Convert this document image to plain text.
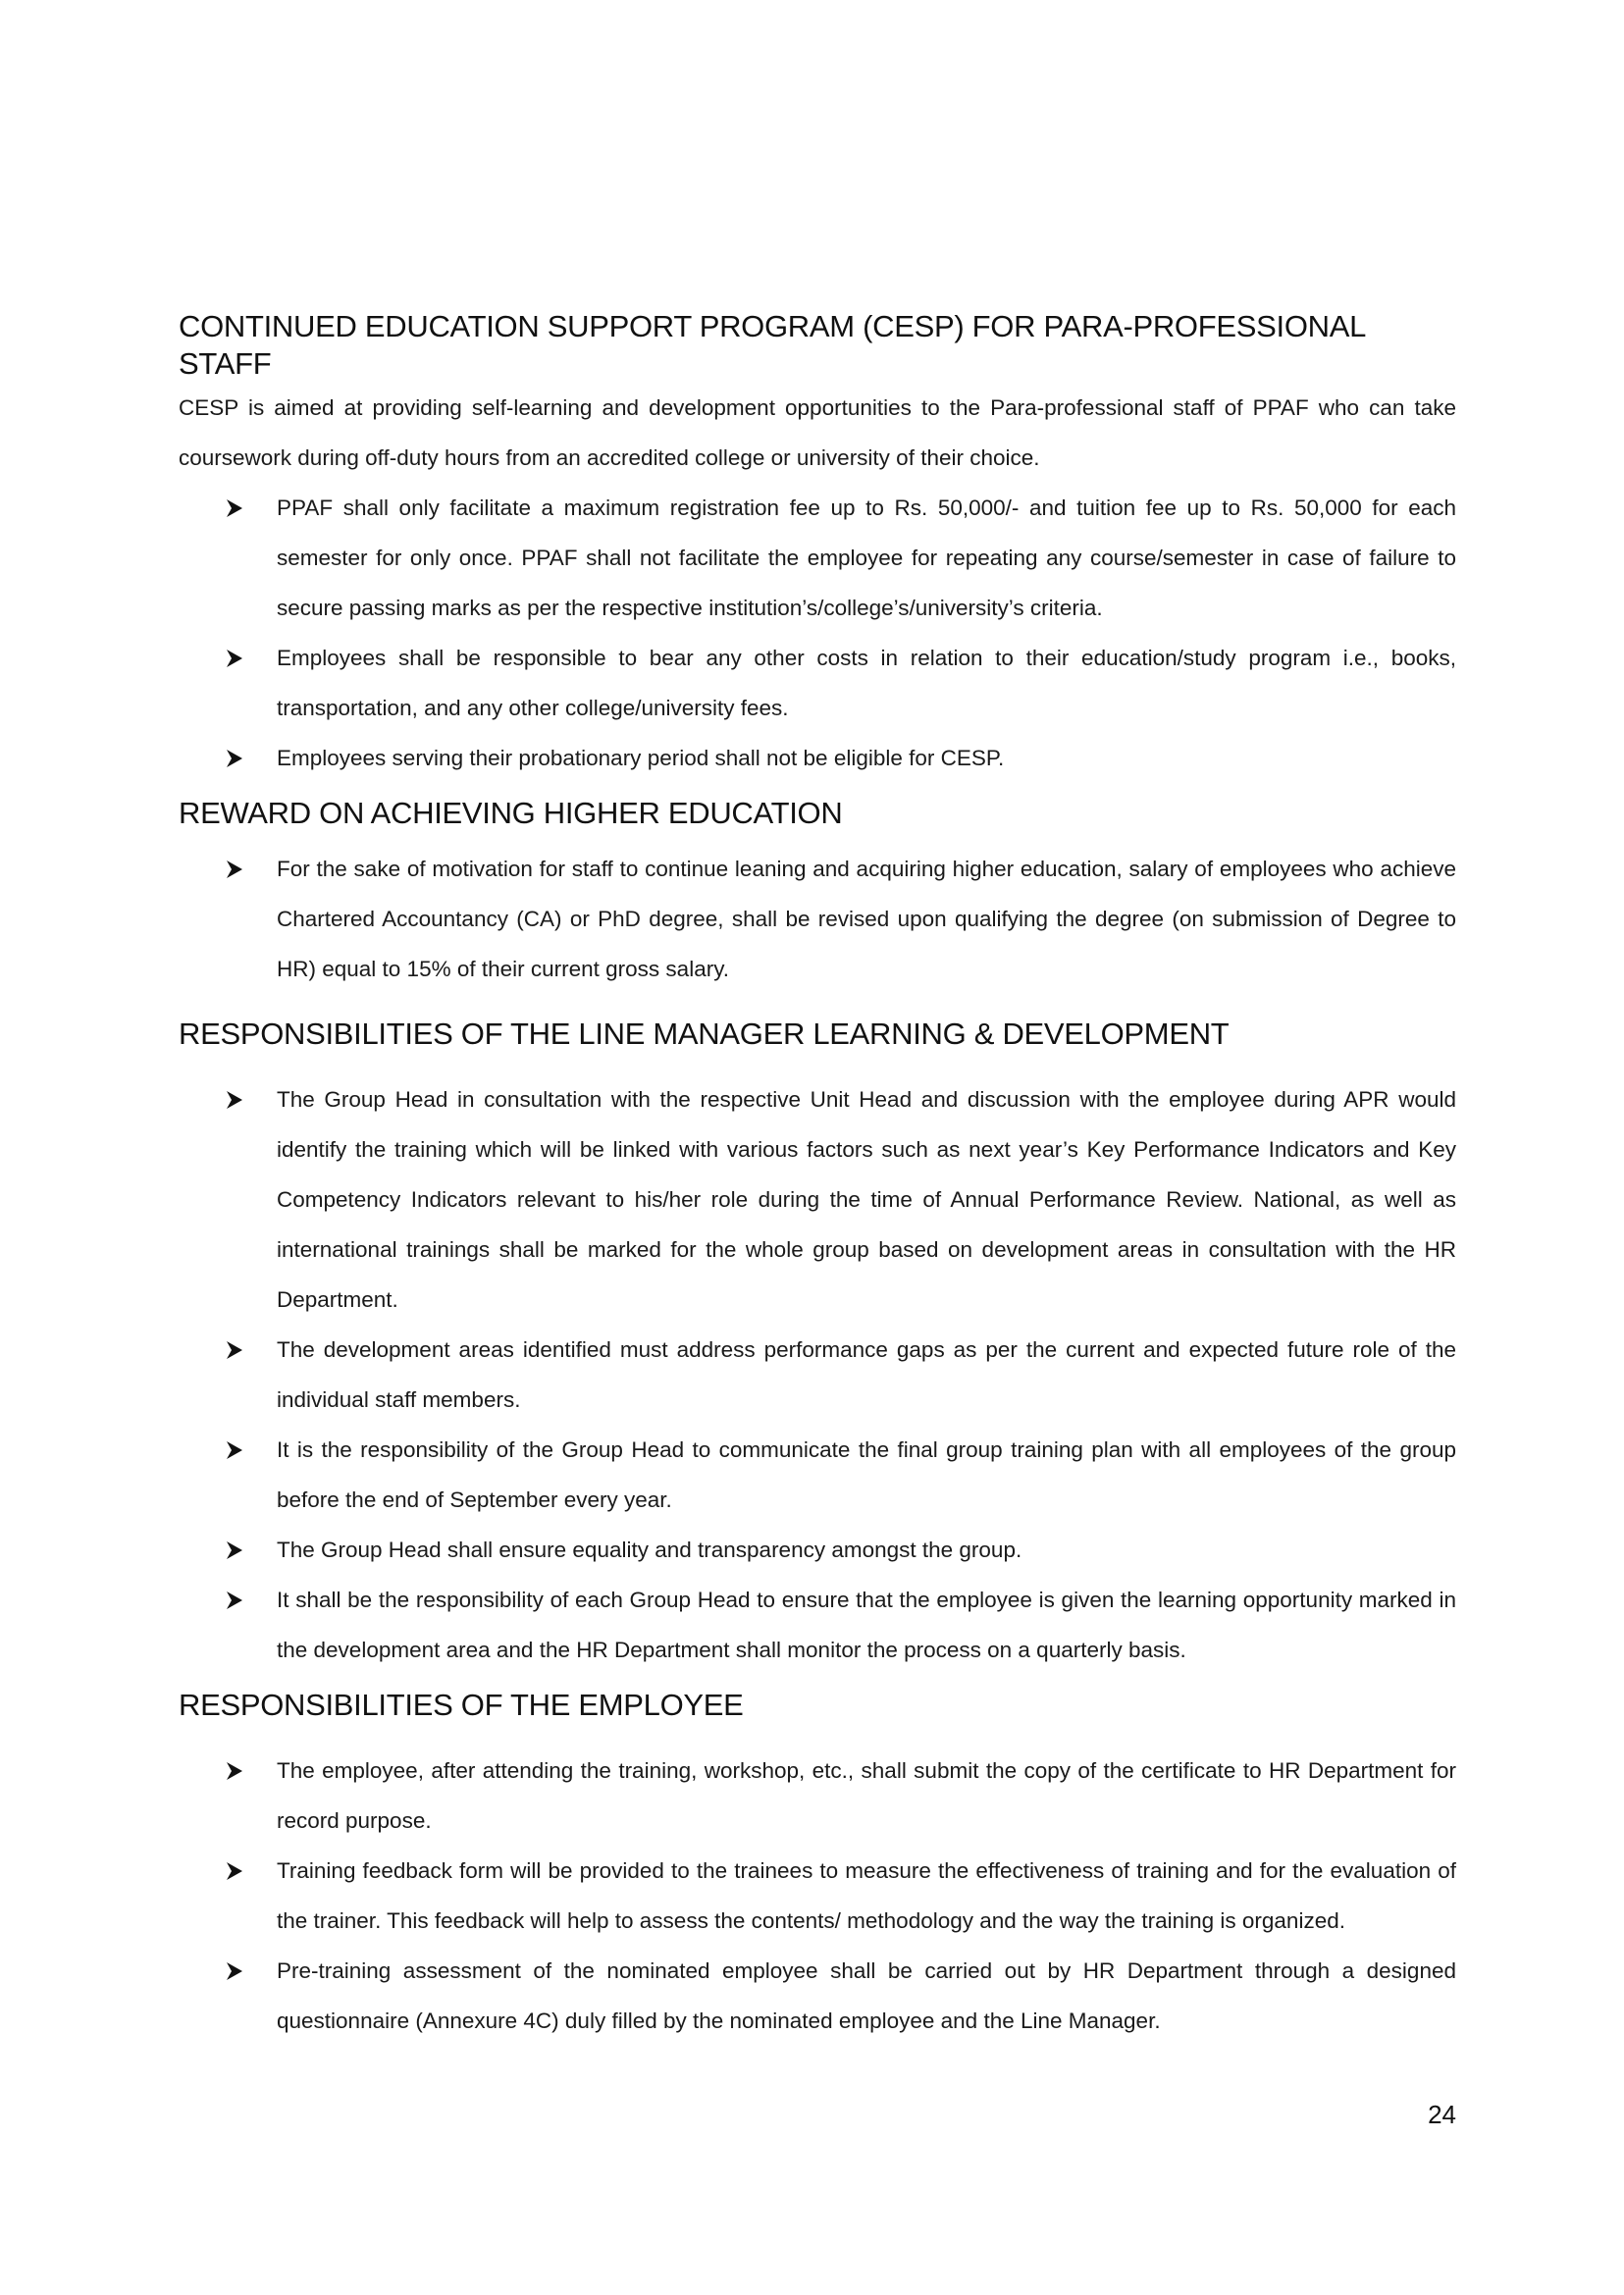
CONTINUED EDUCATION SUPPORT PROGRAM (CESP) FOR PARA-PROFESSIONAL STAFF

CESP is aimed at providing self-learning and development opportunities to the Para-professional staff of PPAF who can take coursework during off-duty hours from an accredited college or university of their choice.

PPAF shall only facilitate a maximum registration fee up to Rs. 50,000/- and tuition fee up to Rs. 50,000 for each semester for only once. PPAF shall not facilitate the employee for repeating any course/semester in case of failure to secure passing marks as per the respective institution’s/college’s/university’s criteria.
Employees shall be responsible to bear any other costs in relation to their education/study program i.e., books, transportation, and any other college/university fees.
Employees serving their probationary period shall not be eligible for CESP.
REWARD ON ACHIEVING HIGHER EDUCATION
For the sake of motivation for staff to continue leaning and acquiring higher education, salary of employees who achieve Chartered Accountancy (CA) or PhD degree, shall be revised upon qualifying the degree (on submission of Degree to HR) equal to 15% of their current gross salary.
RESPONSIBILITIES OF THE LINE MANAGER LEARNING & DEVELOPMENT
The Group Head in consultation with the respective Unit Head and discussion with the employee during APR would identify the training which will be linked with various factors such as next year’s Key Performance Indicators and Key Competency Indicators relevant to his/her role during the time of Annual Performance Review. National, as well as international trainings shall be marked for the whole group based on development areas in consultation with the HR Department.
The development areas identified must address performance gaps as per the current and expected future role of the individual staff members.
It is the responsibility of the Group Head to communicate the final group training plan with all employees of the group before the end of September every year.
The Group Head shall ensure equality and transparency amongst the group.
It shall be the responsibility of each Group Head to ensure that the employee is given the learning opportunity marked in the development area and the HR Department shall monitor the process on a quarterly basis.
RESPONSIBILITIES OF THE EMPLOYEE
The employee, after attending the training, workshop, etc., shall submit the copy of the certificate to HR Department for record purpose.
Training feedback form will be provided to the trainees to measure the effectiveness of training and for the evaluation of the trainer. This feedback will help to assess the contents/ methodology and the way the training is organized.
Pre-training assessment of the nominated employee shall be carried out by HR Department through a designed questionnaire (Annexure 4C) duly filled by the nominated employee and the Line Manager.
24
